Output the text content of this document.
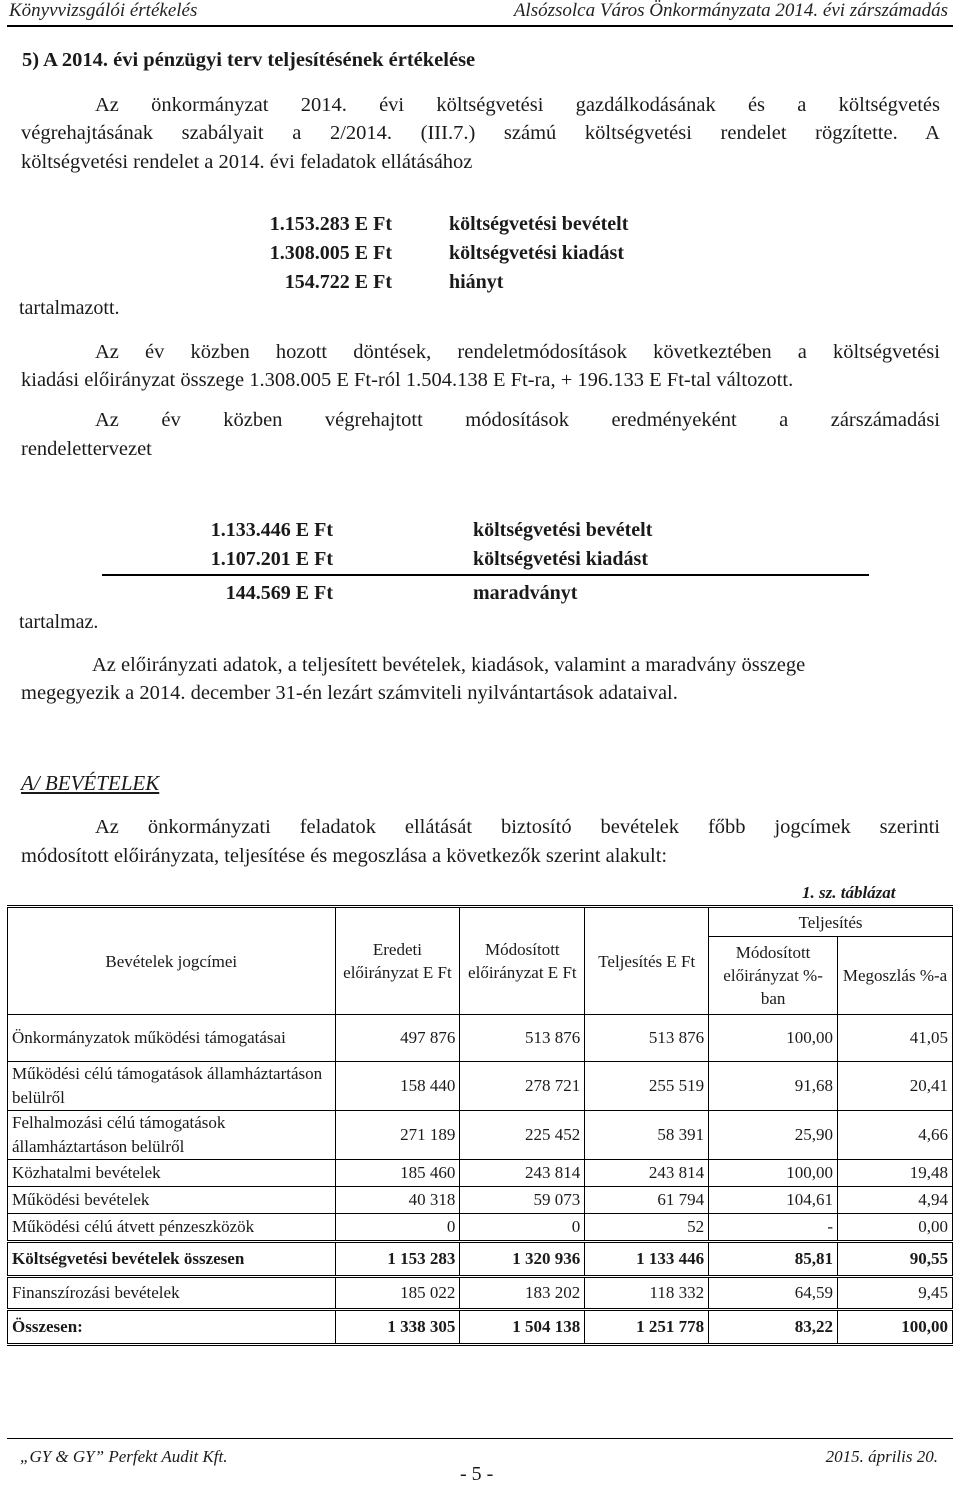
Könyvvizsgálói értékelés	Alsózsolca Város Önkormányzata 2014. évi zárszámadás
5) A 2014. évi pénzügyi terv teljesítésének értékelése
Az önkormányzat 2014. évi költségvetési gazdálkodásának és a költségvetés
végrehajtásának szabályait a 2/2014. (III.7.) számú költségvetési rendelet rögzítette. A
költségvetési rendelet a 2014. évi feladatok ellátásához
1.153.283 E Ft	költségvetési bevételt
1.308.005 E Ft	költségvetési kiadást
154.722 E Ft	hiányt
tartalmazott.
Az év közben hozott döntések, rendeletmódosítások következtében a költségvetési
kiadási előirányzat összege 1.308.005 E Ft-ról 1.504.138 E Ft-ra, + 196.133 E Ft-tal változott.
Az év közben végrehajtott módosítások eredményeként a zárszámadási
rendelettervezet
1.133.446 E Ft	költségvetési bevételt
1.107.201 E Ft	költségvetési kiadást
144.569 E Ft	maradványt
tartalmaz.
Az előirányzati adatok, a teljesített bevételek, kiadások, valamint a maradvány összege
megegyezik a 2014. december 31-én lezárt számviteli nyilvántartások adataival.
A/ BEVÉTELEK
Az önkormányzati feladatok ellátását biztosító bevételek főbb jogcímek szerinti
módosított előirányzata, teljesítése és megoszlása a következők szerint alakult:
1. sz. táblázat
Bevételek jogcímei	Eredeti előirányzat E Ft	Módosított előirányzat E Ft	Teljesítés E Ft	Teljesítés	
				Módosított előirányzat %-ban	Megoszlás %-a
Önkormányzatok működési támogatásai	497 876	513 876	513 876	100,00	41,05
Működési célú támogatások államháztartáson belülről	158 440	278 721	255 519	91,68	20,41
Felhalmozási célú támogatások államháztartáson belülről	271 189	225 452	58 391	25,90	4,66
Közhatalmi bevételek	185 460	243 814	243 814	100,00	19,48
Működési bevételek	40 318	59 073	61 794	104,61	4,94
Működési célú átvett pénzeszközök	0	0	52	-	0,00
Költségvetési bevételek összesen	1 153 283	1 320 936	1 133 446	85,81	90,55
Finanszírozási bevételek	185 022	183 202	118 332	64,59	9,45
Összesen:	1 338 305	1 504 138	1 251 778	83,22	100,00
„GY & GY” Perfekt Audit Kft.	2015. április 20.
- 5 -
